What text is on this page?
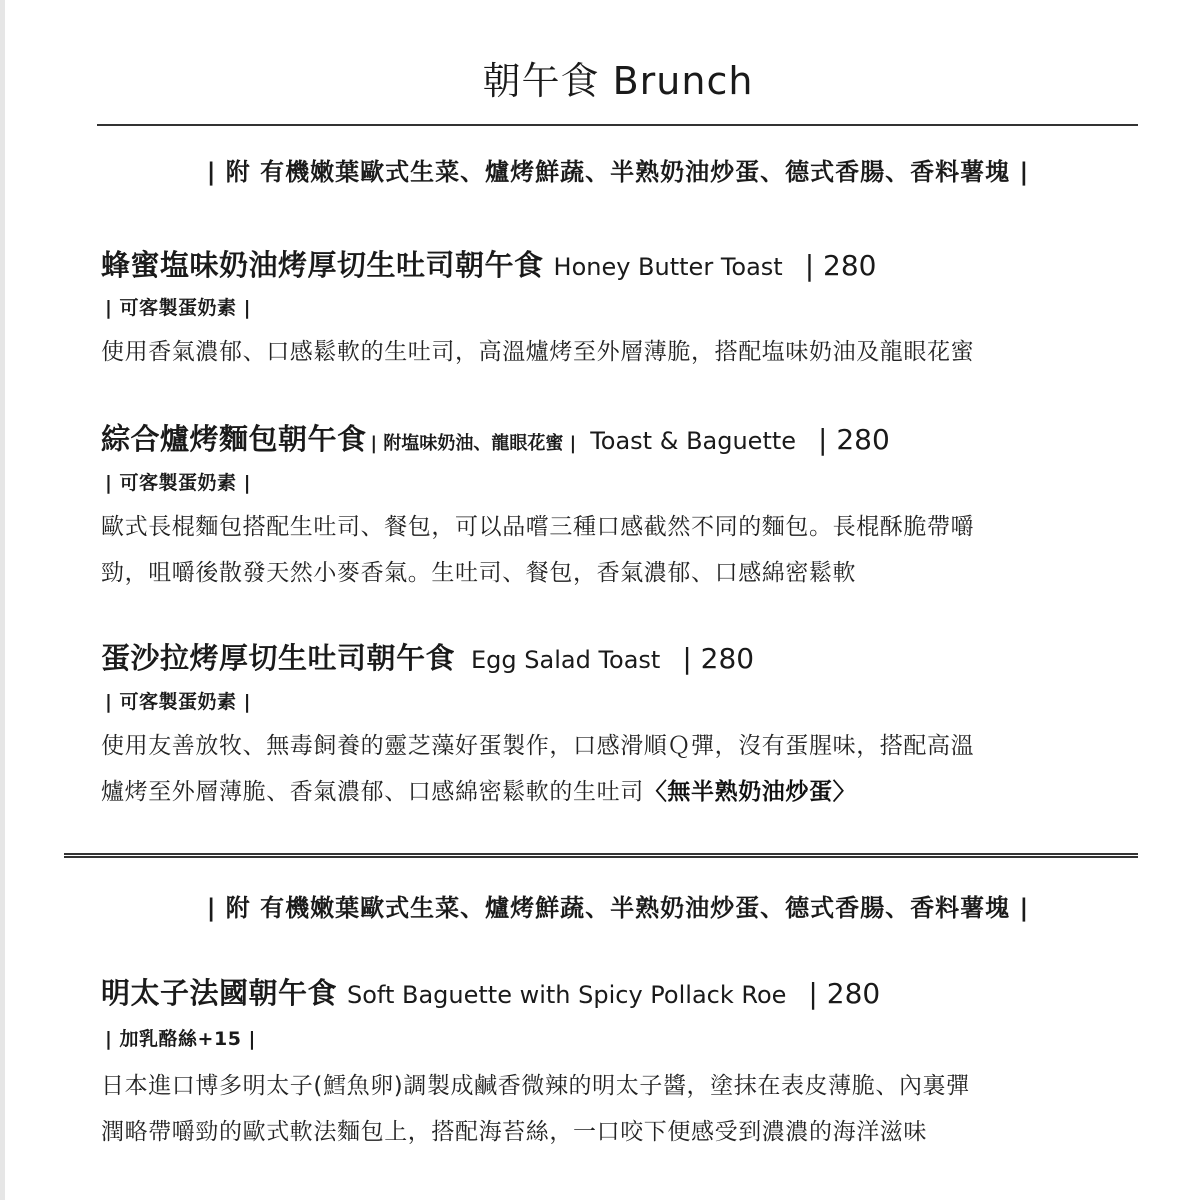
朝午食 Brunch
| 附 有機嫩葉歐式生菜、爐烤鮮蔬、半熟奶油炒蛋、德式香腸、香料薯塊 |
蜂蜜塩味奶油烤厚切生吐司朝午食 Honey Butter Toast | 280
| 可客製蛋奶素 |
使用香氣濃郁、口感鬆軟的生吐司，高溫爐烤至外層薄脆，搭配塩味奶油及龍眼花蜜
綜合爐烤麵包朝午食 | 附塩味奶油、龍眼花蜜 | Toast & Baguette | 280
| 可客製蛋奶素 |
歐式長棍麵包搭配生吐司、餐包，可以品嚐三種口感截然不同的麵包。長棍酥脆帶嚼
勁，咀嚼後散發天然小麥香氣。生吐司、餐包，香氣濃郁、口感綿密鬆軟
蛋沙拉烤厚切生吐司朝午食 Egg Salad Toast | 280
| 可客製蛋奶素 |
使用友善放牧、無毒飼養的靈芝藻好蛋製作，口感滑順Ｑ彈，沒有蛋腥味，搭配高溫
爐烤至外層薄脆、香氣濃郁、口感綿密鬆軟的生吐司〈無半熟奶油炒蛋〉
| 附 有機嫩葉歐式生菜、爐烤鮮蔬、半熟奶油炒蛋、德式香腸、香料薯塊 |
明太子法國朝午食 Soft Baguette with Spicy Pollack Roe | 280
| 加乳酪絲+15 |
日本進口博多明太子(鱈魚卵)調製成鹹香微辣的明太子醬，塗抹在表皮薄脆、內裏彈
潤略帶嚼勁的歐式軟法麵包上，搭配海苔絲，一口咬下便感受到濃濃的海洋滋味
